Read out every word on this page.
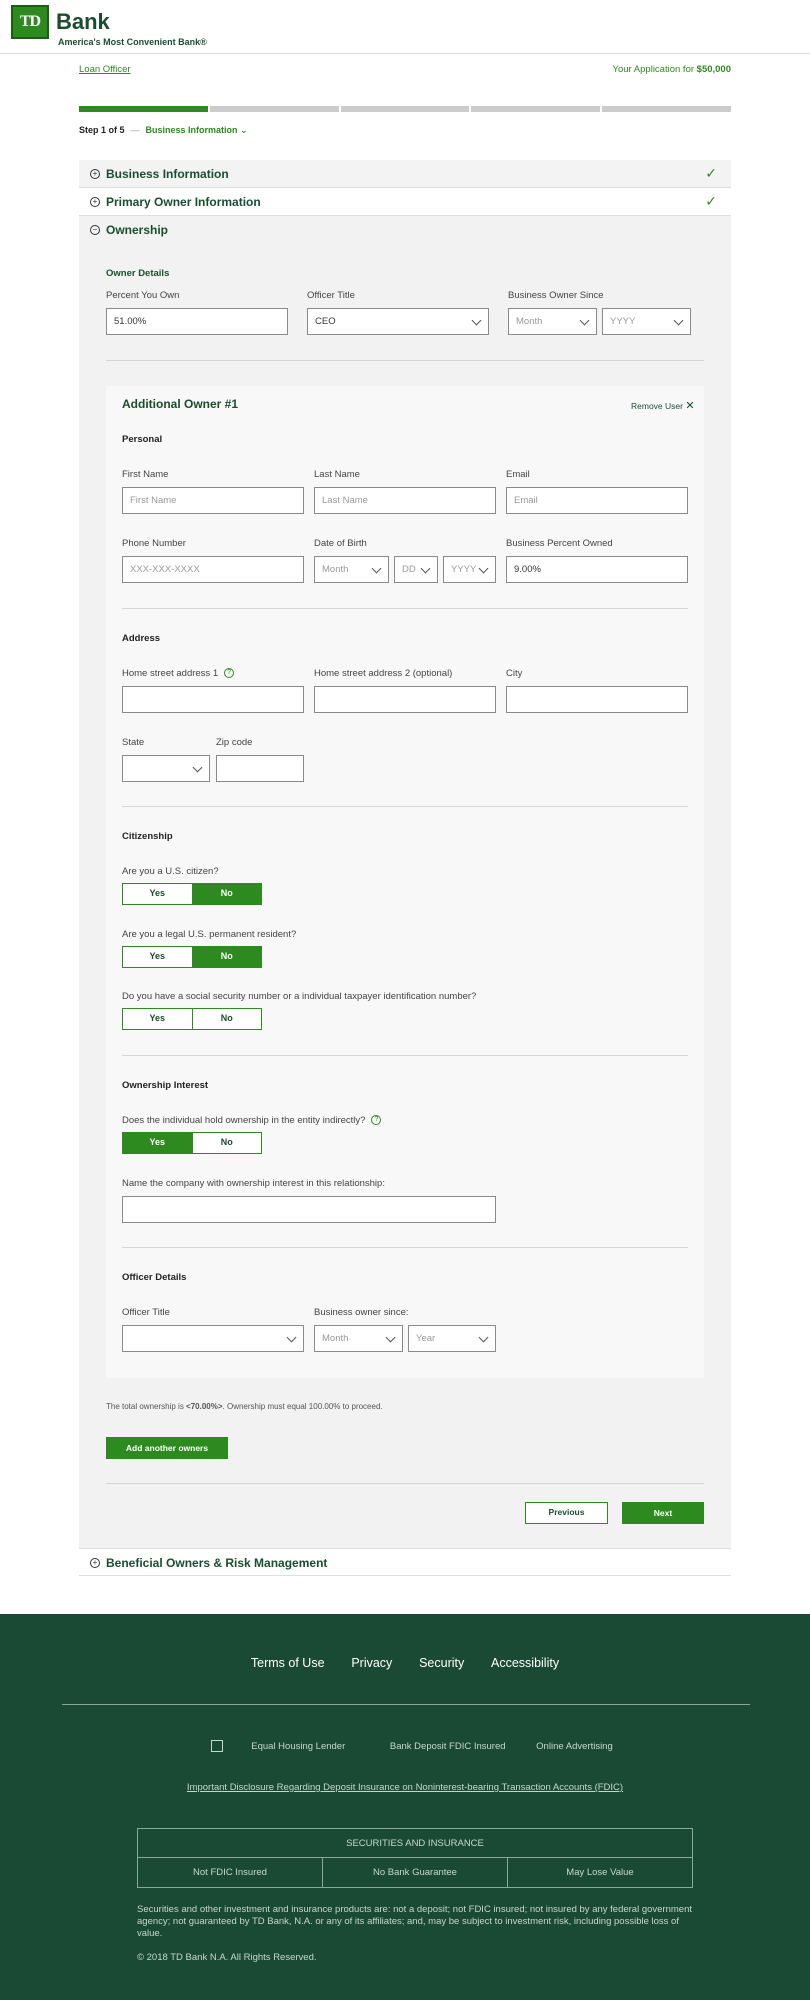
TD Bank
America's Most Convenient Bank®
Loan Officer	Your Application for $50,000
Step 1 of 5 — Business Information ⌄
+ Business Information	✓
+ Primary Owner Information	✓
− Ownership
Owner Details
Percent You Own
51.00%
Officer Title
CEO
Business Owner Since
Month	YYYY
Additional Owner #1	Remove User ✕
Personal
First Name
First Name
Last Name
Last Name
Email
Email
Phone Number
XXX-XXX-XXXX
Date of Birth
Month	DD	YYYY
Business Percent Owned
9.00%
Address
Home street address 1 ?	Home street address 2 (optional)	City
State	Zip code
Citizenship
Are you a U.S. citizen?
Yes	No
Are you a legal U.S. permanent resident?
Yes	No
Do you have a social security number or a individual taxpayer identification number?
Yes	No
Ownership Interest
Does the individual hold ownership in the entity indirectly? ?
Yes	No
Name the company with ownership interest in this relationship:
Officer Details
Officer Title	Business owner since:
Month	Year
The total ownership is <70.00%>. Ownership must equal 100.00% to proceed.
Add another owners
Previous	Next
+ Beneficial Owners & Risk Management
Terms of Use Privacy Security Accessibility
Equal Housing Lender	Bank Deposit FDIC Insured	Online Advertising
Important Disclosure Regarding Deposit Insurance on Noninterest-bearing Transaction Accounts (FDIC)
SECURITIES AND INSURANCE
Not FDIC Insured	No Bank Guarantee	May Lose Value
Securities and other investment and insurance products are: not a deposit; not FDIC insured; not insured by any federal government agency; not guaranteed by TD Bank, N.A. or any of its affiliates; and, may be subject to investment risk, including possible loss of value.
© 2018 TD Bank N.A. All Rights Reserved.
